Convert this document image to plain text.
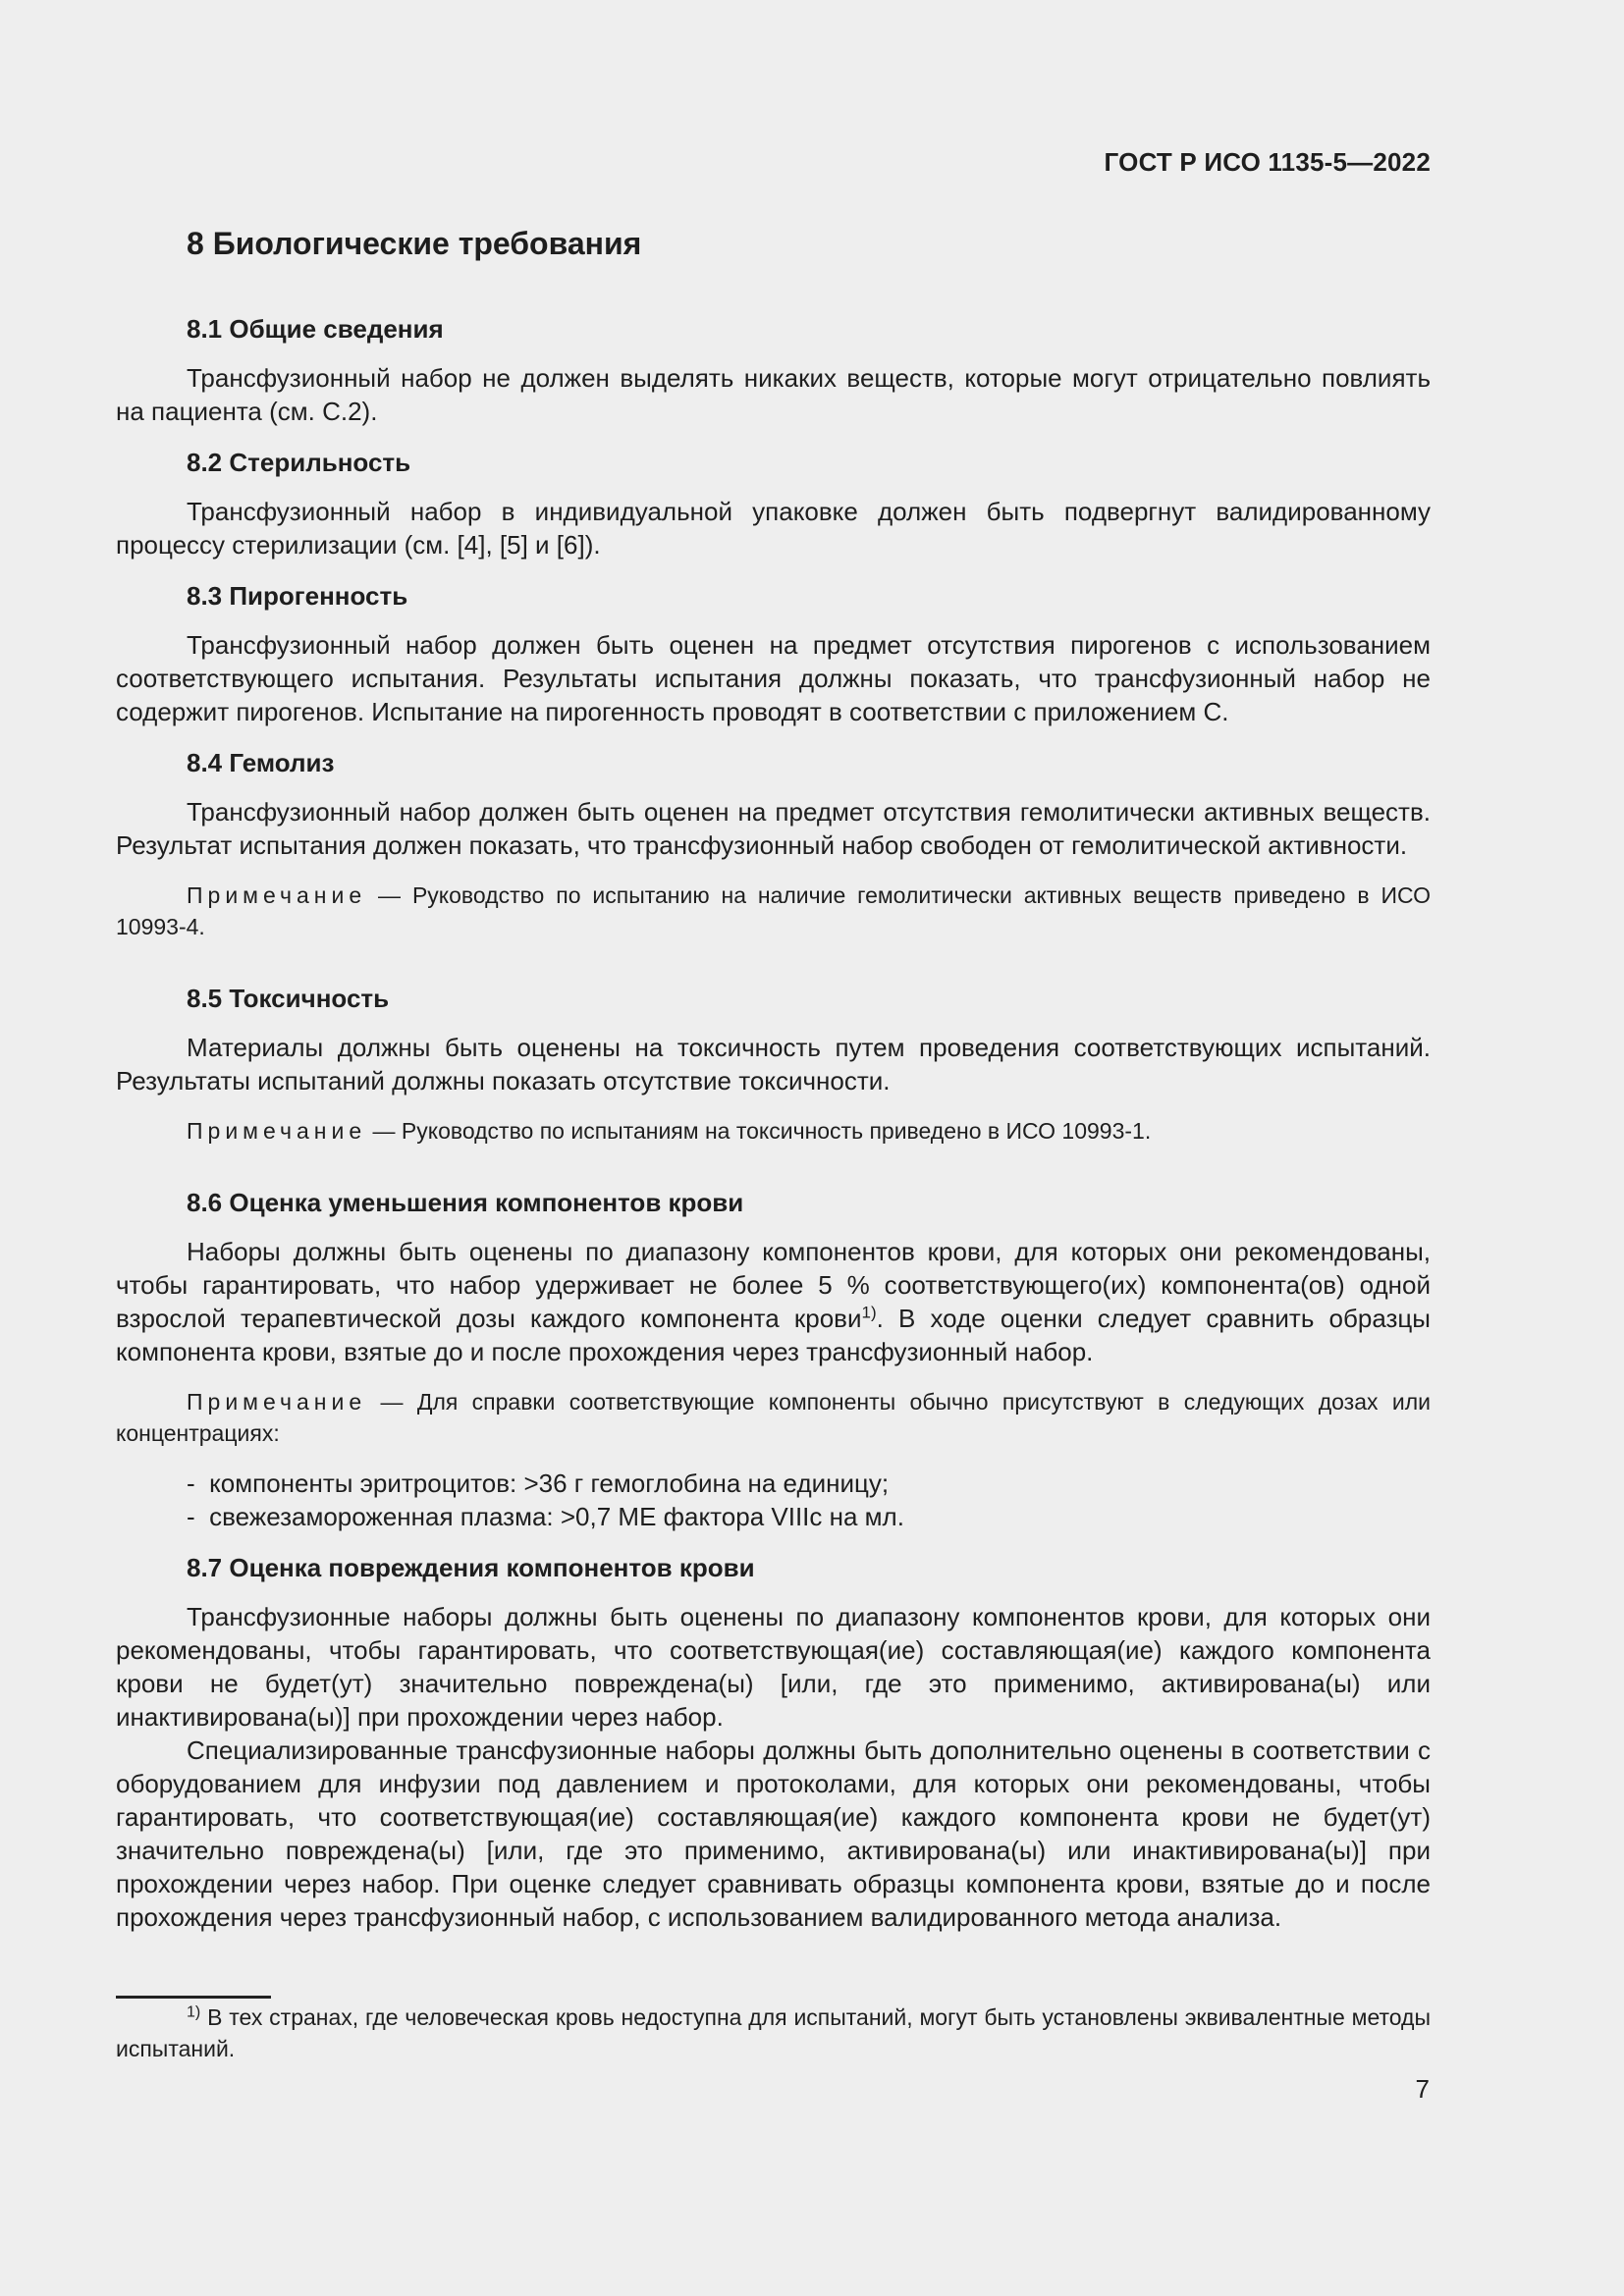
ГОСТ Р ИСО 1135-5—2022
8 Биологические требования
8.1 Общие сведения

Трансфузионный набор не должен выделять никаких веществ, которые могут отрицательно повлиять на пациента (см. С.2).

8.2 Стерильность

Трансфузионный набор в индивидуальной упаковке должен быть подвергнут валидированному процессу стерилизации (см. [4], [5] и [6]).

8.3 Пирогенность

Трансфузионный набор должен быть оценен на предмет отсутствия пирогенов с использованием соответствующего испытания. Результаты испытания должны показать, что трансфузионный набор не содержит пирогенов. Испытание на пирогенность проводят в соответствии с приложением С.

8.4 Гемолиз

Трансфузионный набор должен быть оценен на предмет отсутствия гемолитически активных веществ. Результат испытания должен показать, что трансфузионный набор свободен от гемолитической активности.

Примечание — Руководство по испытанию на наличие гемолитически активных веществ приведено в ИСО 10993-4.

8.5 Токсичность

Материалы должны быть оценены на токсичность путем проведения соответствующих испытаний. Результаты испытаний должны показать отсутствие токсичности.

Примечание — Руководство по испытаниям на токсичность приведено в ИСО 10993-1.

8.6 Оценка уменьшения компонентов крови

Наборы должны быть оценены по диапазону компонентов крови, для которых они рекомендованы, чтобы гарантировать, что набор удерживает не более 5 % соответствующего(их) компонента(ов) одной взрослой терапевтической дозы каждого компонента крови$^{1)}$. В ходе оценки следует сравнить образцы компонента крови, взятые до и после прохождения через трансфузионный набор.

Примечание — Для справки соответствующие компоненты обычно присутствуют в следующих дозах или концентрациях:

-  компоненты эритроцитов: >36 г гемоглобина на единицу;
-  свежезамороженная плазма: >0,7 МЕ фактора VIIIc на мл.
8.7 Оценка повреждения компонентов крови

Трансфузионные наборы должны быть оценены по диапазону компонентов крови, для которых они рекомендованы, чтобы гарантировать, что соответствующая(ие) составляющая(ие) каждого компонента крови не будет(ут) значительно повреждена(ы) [или, где это применимо, активирована(ы) или инактивирована(ы)] при прохождении через набор.

Специализированные трансфузионные наборы должны быть дополнительно оценены в соответствии с оборудованием для инфузии под давлением и протоколами, для которых они рекомендованы, чтобы гарантировать, что соответствующая(ие) составляющая(ие) каждого компонента крови не будет(ут) значительно повреждена(ы) [или, где это применимо, активирована(ы) или инактивирована(ы)] при прохождении через набор. При оценке следует сравнивать образцы компонента крови, взятые до и после прохождения через трансфузионный набор, с использованием валидированного метода анализа.

$^{1)}$ В тех странах, где человеческая кровь недоступна для испытаний, могут быть установлены эквивалентные методы испытаний.
7
